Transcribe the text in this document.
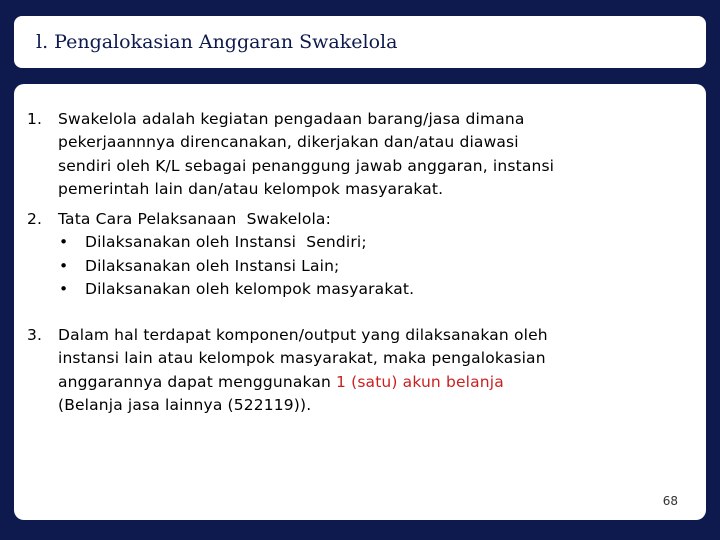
l. Pengalokasian Anggaran Swakelola
1. Swakelola adalah kegiatan pengadaan barang/jasa dimana
pekerjaannnya direncanakan, dikerjakan dan/atau diawasi
sendiri oleh K/L sebagai penanggung jawab anggaran, instansi
pemerintah lain dan/atau kelompok masyarakat.
2. Tata Cara Pelaksanaan  Swakelola:
• Dilaksanakan oleh Instansi  Sendiri;
• Dilaksanakan oleh Instansi Lain;
• Dilaksanakan oleh kelompok masyarakat.
3. Dalam hal terdapat komponen/output yang dilaksanakan oleh
instansi lain atau kelompok masyarakat, maka pengalokasian
anggarannya dapat menggunakan 1 (satu) akun belanja
(Belanja jasa lainnya (522119)).
68
